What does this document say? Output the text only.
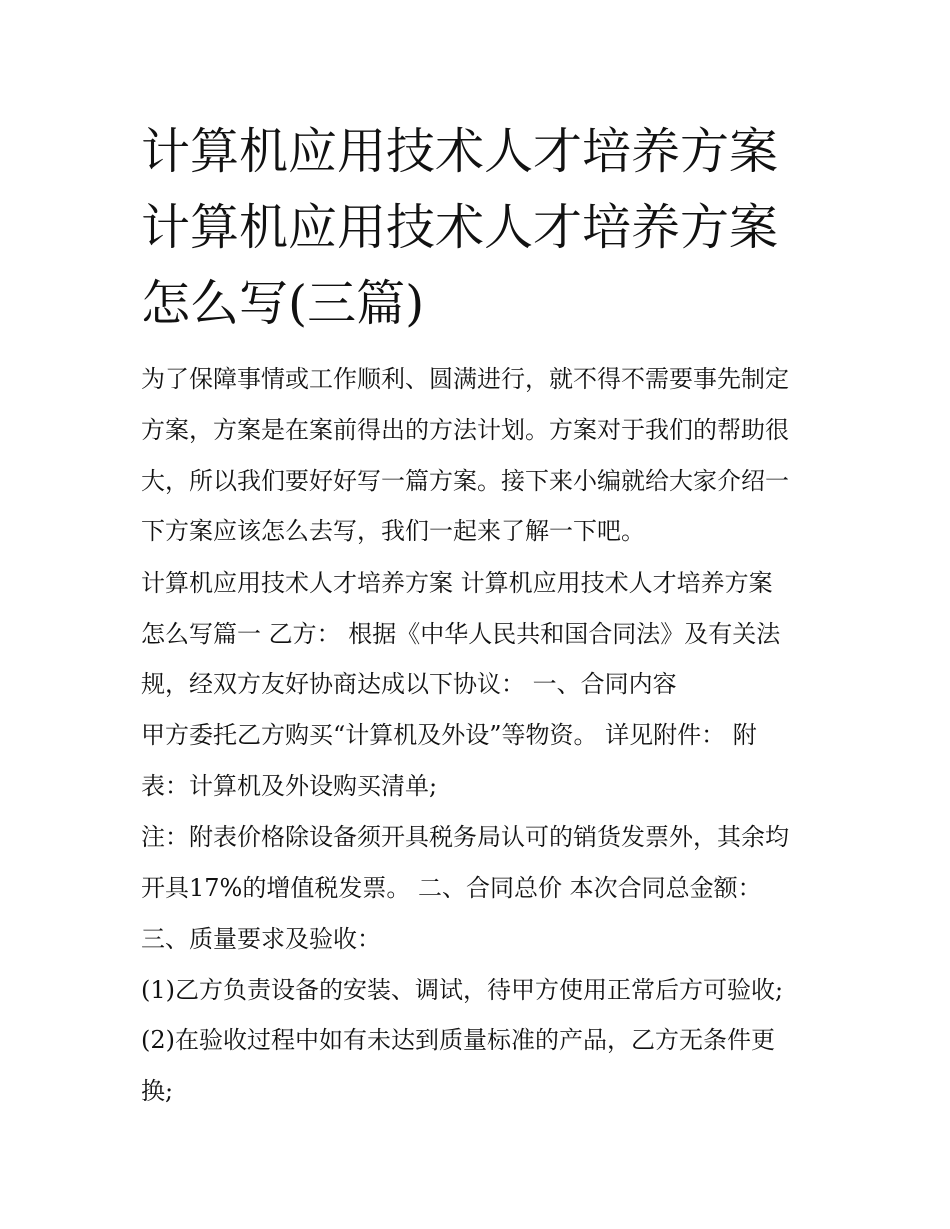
计算机应用技术人才培养方案
计算机应用技术人才培养方案
怎么写(三篇)

为了保障事情或工作顺利、圆满进行，就不得不需要事先制定

方案，方案是在案前得出的方法计划。方案对于我们的帮助很

大，所以我们要好好写一篇方案。接下来小编就给大家介绍一

下方案应该怎么去写，我们一起来了解一下吧。

计算机应用技术人才培养方案 计算机应用技术人才培养方案

怎么写篇一 乙方： 根据《中华人民共和国合同法》及有关法

规，经双方友好协商达成以下协议： 一、合同内容

甲方委托乙方购买“计算机及外设”等物资。 详见附件： 附

表：计算机及外设购买清单;

注：附表价格除设备须开具税务局认可的销货发票外，其余均

开具17%的增值税发票。 二、合同总价 本次合同总金额：

三、质量要求及验收：

(1)乙方负责设备的安装、调试，待甲方使用正常后方可验收;

(2)在验收过程中如有未达到质量标准的产品，乙方无条件更

换;
